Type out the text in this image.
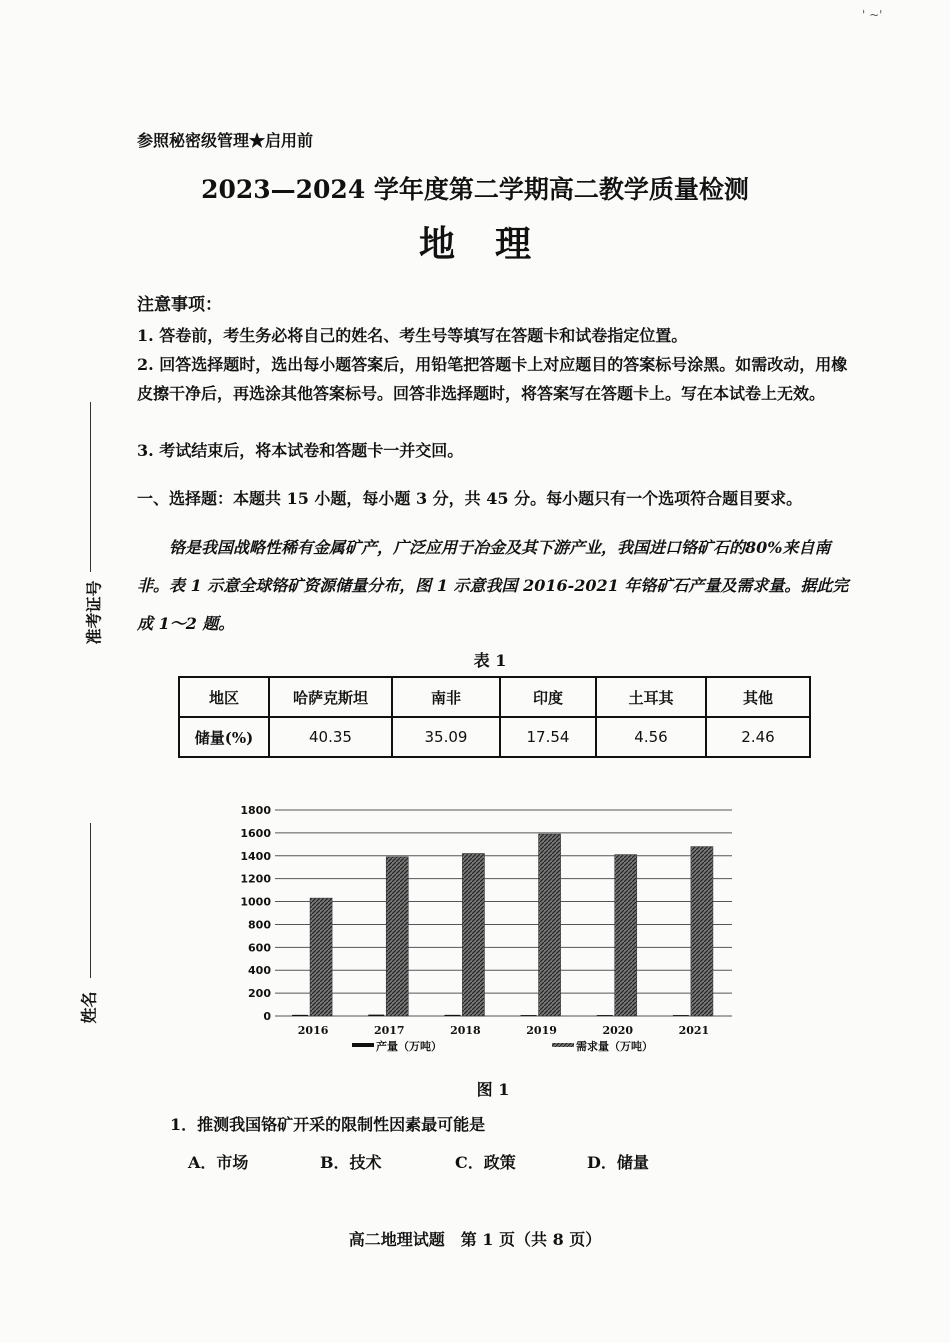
' ~'
准考证号
姓名
参照秘密级管理★启用前
2023—2024 学年度第二学期高二教学质量检测
地理
注意事项：
1. 答卷前，考生务必将自己的姓名、考生号等填写在答题卡和试卷指定位置。
2. 回答选择题时，选出每小题答案后，用铅笔把答题卡上对应题目的答案标号涂黑。如需改动，用橡皮擦干净后，再选涂其他答案标号。回答非选择题时，将答案写在答题卡上。写在本试卷上无效。
3. 考试结束后，将本试卷和答题卡一并交回。
一、选择题：本题共 15 小题，每小题 3 分，共 45 分。每小题只有一个选项符合题目要求。
铬是我国战略性稀有金属矿产，广泛应用于冶金及其下游产业，我国进口铬矿石的80%来自南非。表 1 示意全球铬矿资源储量分布，图 1 示意我国 2016-2021 年铬矿石产量及需求量。据此完成 1～2 题。
表 1
地区	哈萨克斯坦	南非	印度	土耳其	其他
储量(%)	40.35	35.09	17.54	4.56	2.46
0
200
400
600
800
1000
1200
1400
1600
1800
2016	2017	2018	2019	2020	2021
产量（万吨）	需求量（万吨）
图 1
1．推测我国铬矿开采的限制性因素最可能是
A．市场	B．技术	C．政策	D．储量
高二地理试题　第 1 页（共 8 页）
